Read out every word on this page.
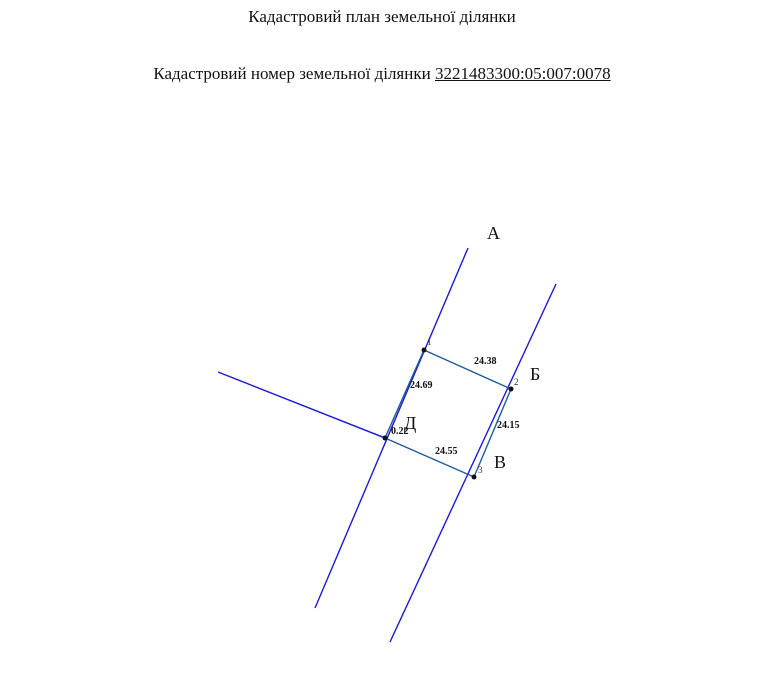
Кадастровий план земельної ділянки
Кадастровий номер земельної ділянки 3221483300:05:007:0078
1
2
3
24.38
24.15
24.55
24.69
0.22
А
Б
В
Д
